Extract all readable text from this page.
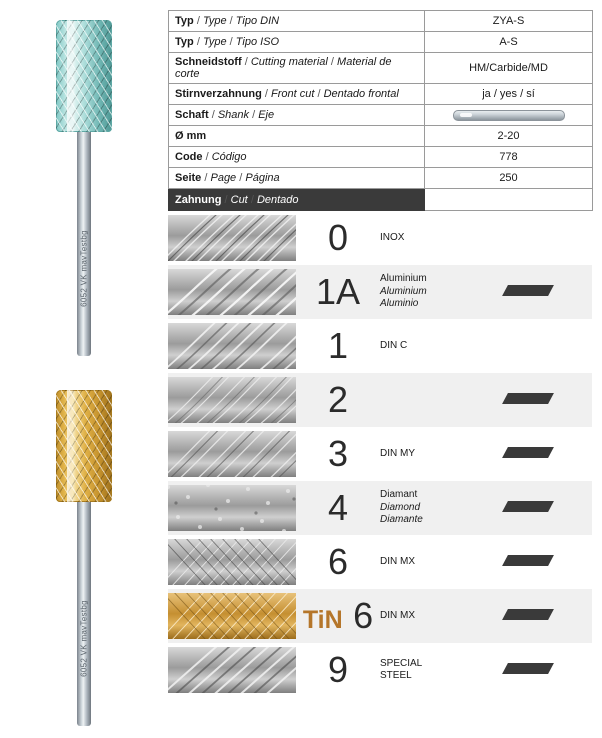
6052 VK mavTestbg
6052 VK mavTestbg
Typ / Type / Tipo DIN	ZYA-S
Typ / Type / Tipo ISO	A-S
Schneidstoff / Cutting material / Material de corte	HM/Carbide/MD
Stirnverzahnung / Front cut / Dentado frontal	ja / yes / sí
Schaft / Shank / Eje	

Ø mm	2-20
Code / Código	778
Seite / Page / Página	250
Zahnung / Cut / Dentado	
	0	INOX	

	1A	Aluminium
Aluminium
Aluminio	

	1	DIN C	

	2	

	3	DIN MY	

	4	Diamant
Diamond
Diamante	

	6	DIN MX	

	TiN 6	DIN MX	

	9	SPECIAL
STEEL	
